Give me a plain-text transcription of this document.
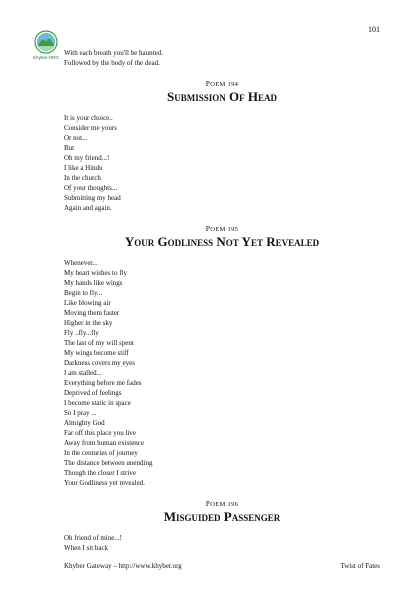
Khyber.ORG
101
With each breath you'll be haunted.
Followed by the body of the dead.
POEM 194
Submission Of Head
It is your choice..
Consider me yours
Or not...
But
Oh my friend...!
I like a Hindu
In the church
Of your thoughts...
Submitting my head
Again and again.
POEM 195
Your Godliness Not Yet Revealed
Whenever...
My heart wishes to fly
My hands like wings
Begin to fly...
Like blowing air
Moving them faster
Higher in the sky
Fly ..fly...fly
The last of my will spent
My wings become stiff
Darkness covers my eyes
I am stalled...
Everything before me fades
Deprived of feelings
I become static in space
So I pray ...
Almighty God
Far off this place you live
Away from human existence
In the centuries of journey
The distance between unending
Though the closer I strive
Your Godliness yet revealed.
POEM 196
Misguided Passenger
Oh friend of mine...!
When I sit back
Khyber Gateway – http://www.khyber.org	Twist of Fates
